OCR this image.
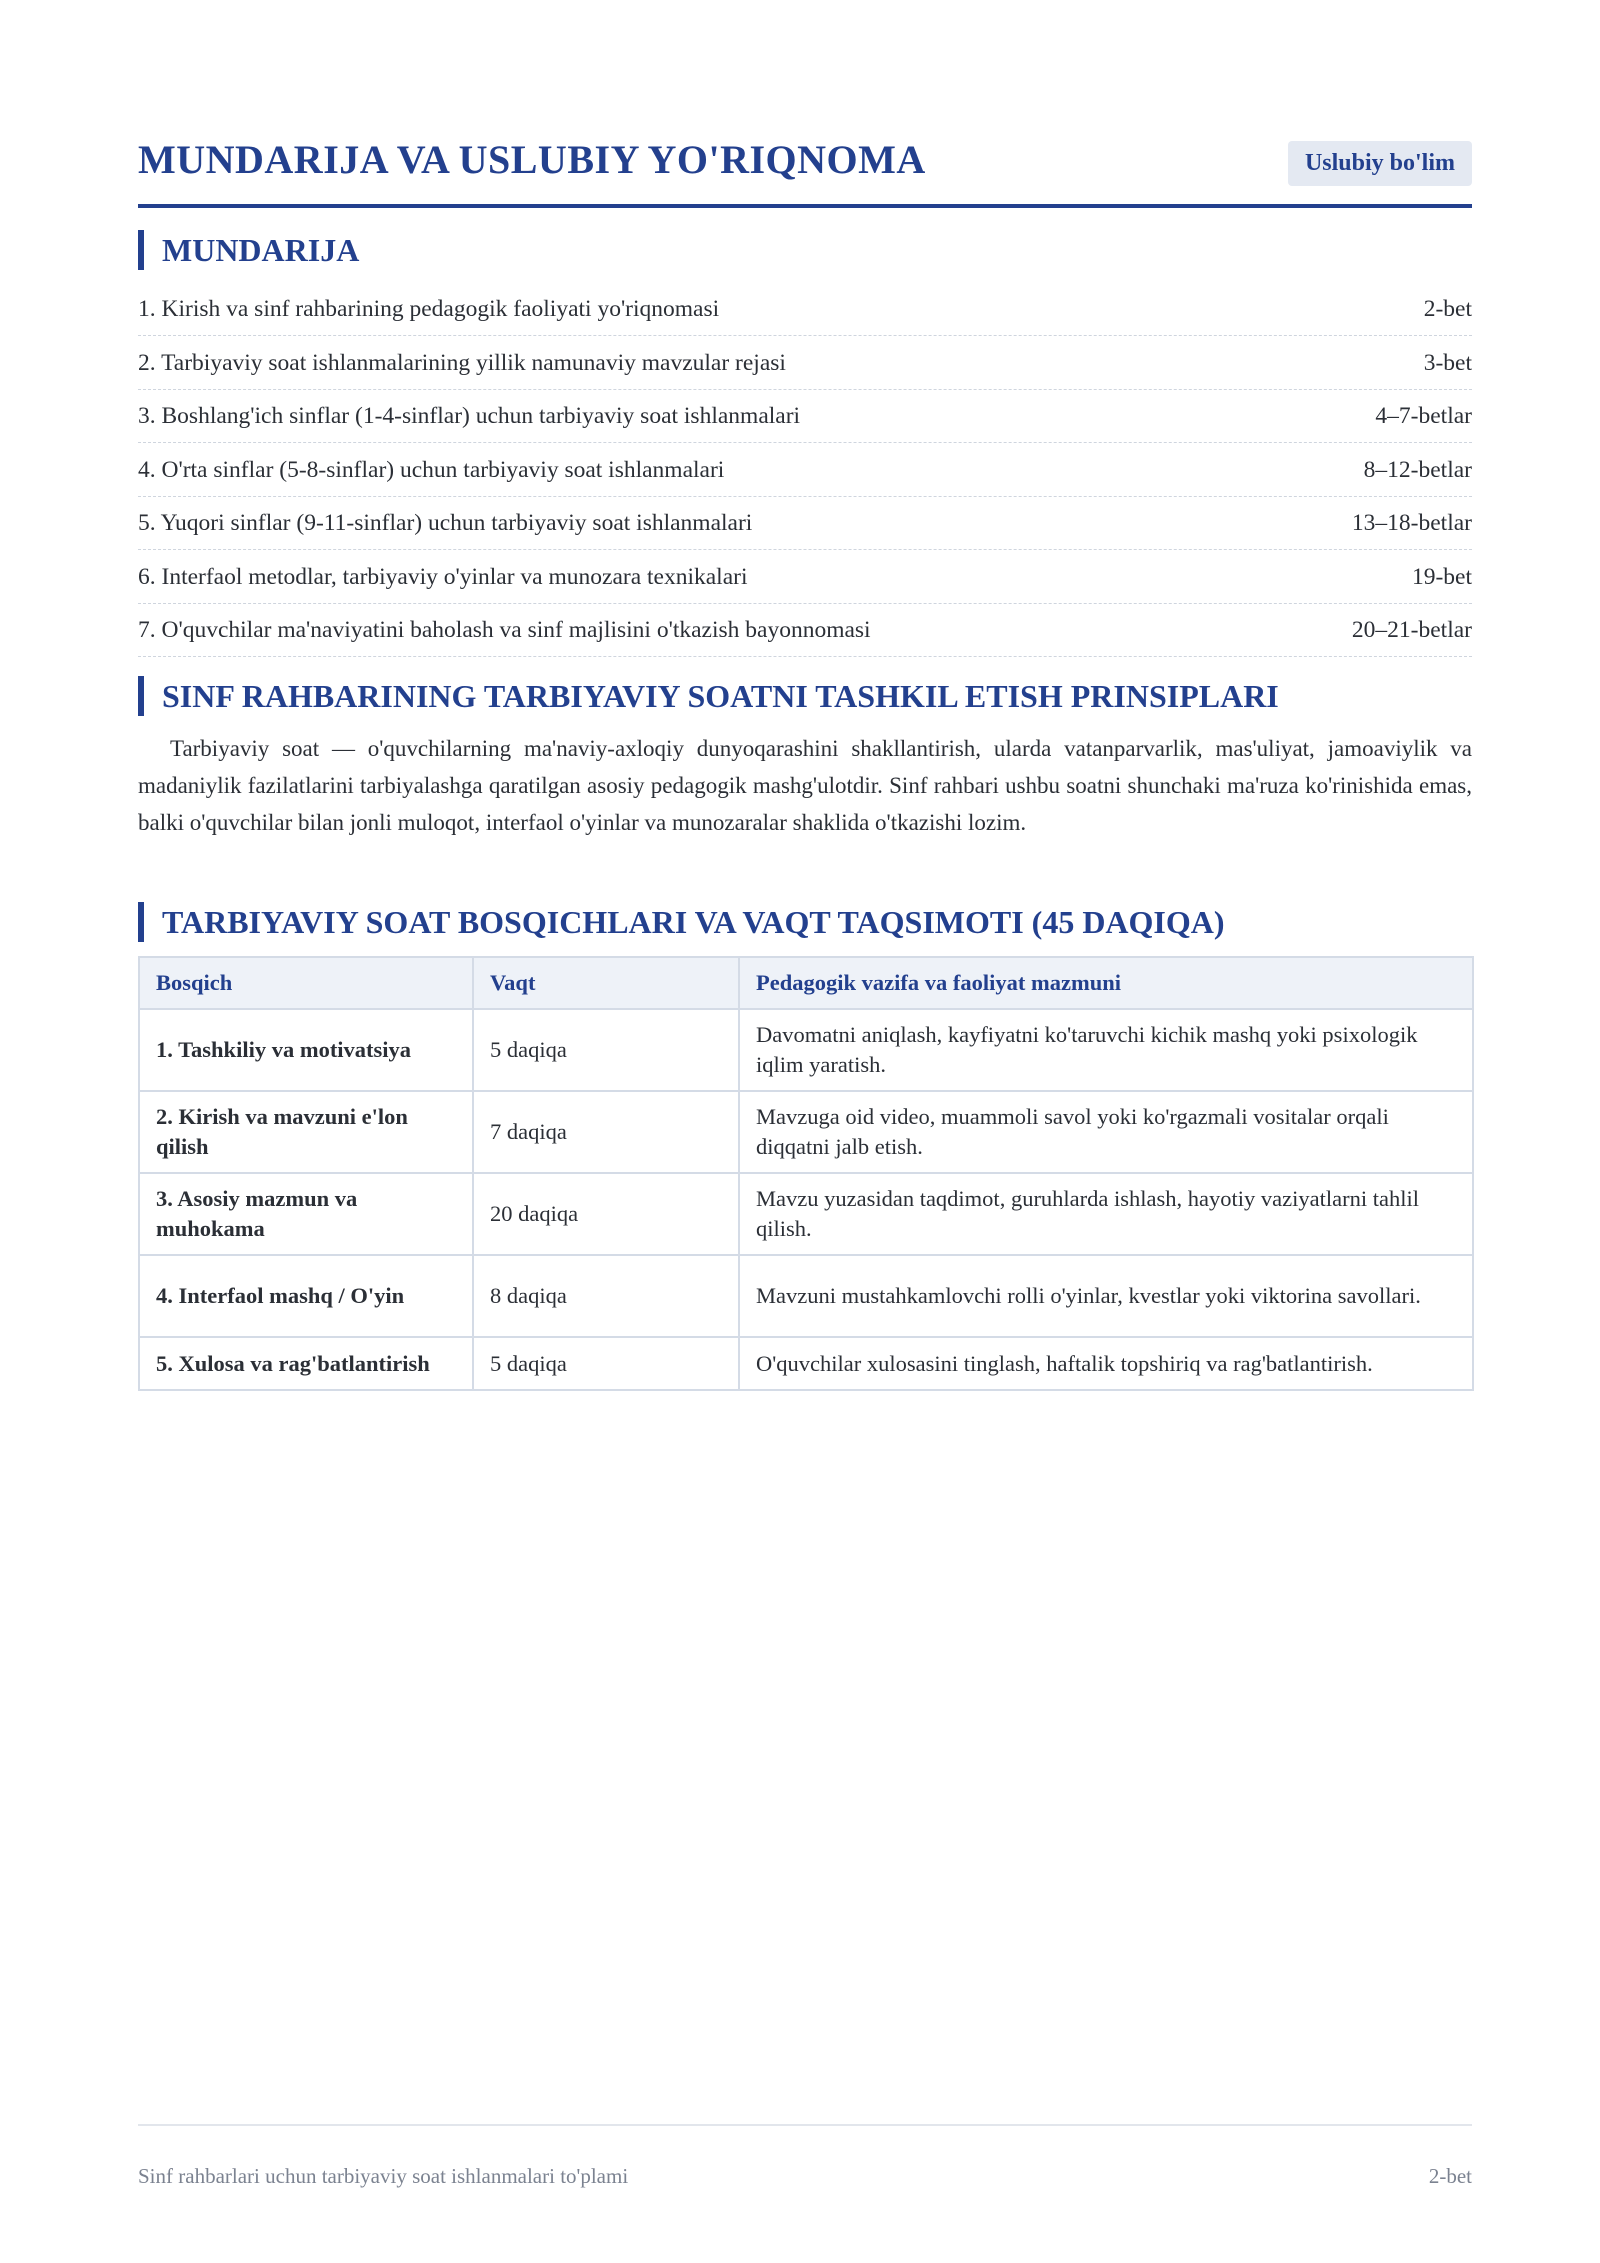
MUNDARIJA VA USLUBIY YO'RIQNOMA	Uslubiy bo'lim
MUNDARIJA
1. Kirish va sinf rahbarining pedagogik faoliyati yo'riqnomasi	2-bet
2. Tarbiyaviy soat ishlanmalarining yillik namunaviy mavzular rejasi	3-bet
3. Boshlang'ich sinflar (1-4-sinflar) uchun tarbiyaviy soat ishlanmalari	4–7-betlar
4. O'rta sinflar (5-8-sinflar) uchun tarbiyaviy soat ishlanmalari	8–12-betlar
5. Yuqori sinflar (9-11-sinflar) uchun tarbiyaviy soat ishlanmalari	13–18-betlar
6. Interfaol metodlar, tarbiyaviy o'yinlar va munozara texnikalari	19-bet
7. O'quvchilar ma'naviyatini baholash va sinf majlisini o'tkazish bayonnomasi	20–21-betlar
SINF RAHBARINING TARBIYAVIY SOATNI TASHKIL ETISH PRINSIPLARI

Tarbiyaviy soat — o'quvchilarning ma'naviy-axloqiy dunyoqarashini shakllantirish, ularda vatanparvarlik, mas'uliyat, jamoaviylik va madaniylik fazilatlarini tarbiyalashga qaratilgan asosiy pedagogik mashg'ulotdir. Sinf rahbari ushbu soatni shunchaki ma'ruza ko'rinishida emas, balki o'quvchilar bilan jonli muloqot, interfaol o'yinlar va munozaralar shaklida o'tkazishi lozim.

TARBIYAVIY SOAT BOSQICHLARI VA VAQT TAQSIMOTI (45 DAQIQA)
Bosqich	Vaqt	Pedagogik vazifa va faoliyat mazmuni
1. Tashkiliy va motivatsiya	5 daqiqa	Davomatni aniqlash, kayfiyatni ko'taruvchi kichik mashq yoki psixologik iqlim yaratish.
2. Kirish va mavzuni e'lon qilish	7 daqiqa	Mavzuga oid video, muammoli savol yoki ko'rgazmali vositalar orqali diqqatni jalb etish.
3. Asosiy mazmun va muhokama	20 daqiqa	Mavzu yuzasidan taqdimot, guruhlarda ishlash, hayotiy vaziyatlarni tahlil qilish.
4. Interfaol mashq / O'yin	8 daqiqa	Mavzuni mustahkamlovchi rolli o'yinlar, kvestlar yoki viktorina savollari.
5. Xulosa va rag'batlantirish	5 daqiqa	O'quvchilar xulosasini tinglash, haftalik topshiriq va rag'batlantirish.
Sinf rahbarlari uchun tarbiyaviy soat ishlanmalari to'plami	2-bet
